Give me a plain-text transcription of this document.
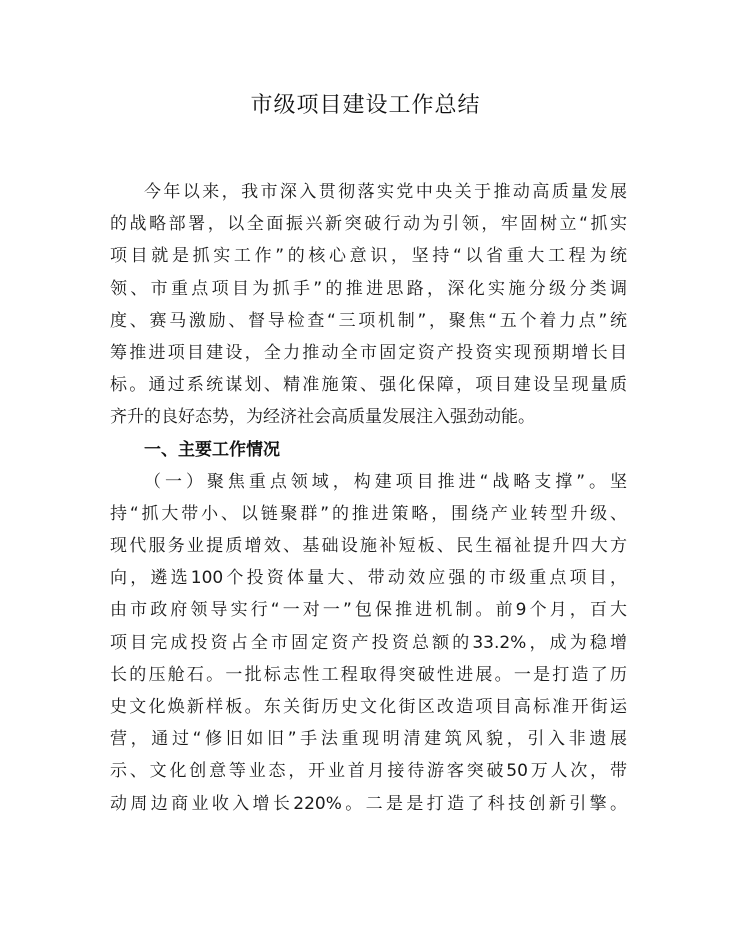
市级项目建设工作总结
今年以来，我市深入贯彻落实党中央关于推动高质量发展
的战略部署，以全面振兴新突破行动为引领，牢固树立“抓实
项目就是抓实工作”的核心意识，坚持“以省重大工程为统
领、市重点项目为抓手”的推进思路，深化实施分级分类调
度、赛马激励、督导检查“三项机制”，聚焦“五个着力点”统
筹推进项目建设，全力推动全市固定资产投资实现预期增长目
标。通过系统谋划、精准施策、强化保障，项目建设呈现量质
齐升的良好态势，为经济社会高质量发展注入强劲动能。
一、主要工作情况
（一）聚焦重点领域，构建项目推进“战略支撑”。坚
持“抓大带小、以链聚群”的推进策略，围绕产业转型升级、
现代服务业提质增效、基础设施补短板、民生福祉提升四大方
向，遴选100个投资体量大、带动效应强的市级重点项目，
由市政府领导实行“一对一”包保推进机制。前9个月，百大
项目完成投资占全市固定资产投资总额的33.2%，成为稳增
长的压舱石。一批标志性工程取得突破性进展。一是打造了历
史文化焕新样板。东关街历史文化街区改造项目高标准开街运
营，通过“修旧如旧”手法重现明清建筑风貌，引入非遗展
示、文化创意等业态，开业首月接待游客突破50万人次，带
动周边商业收入增长220%。二是是打造了科技创新引擎。
